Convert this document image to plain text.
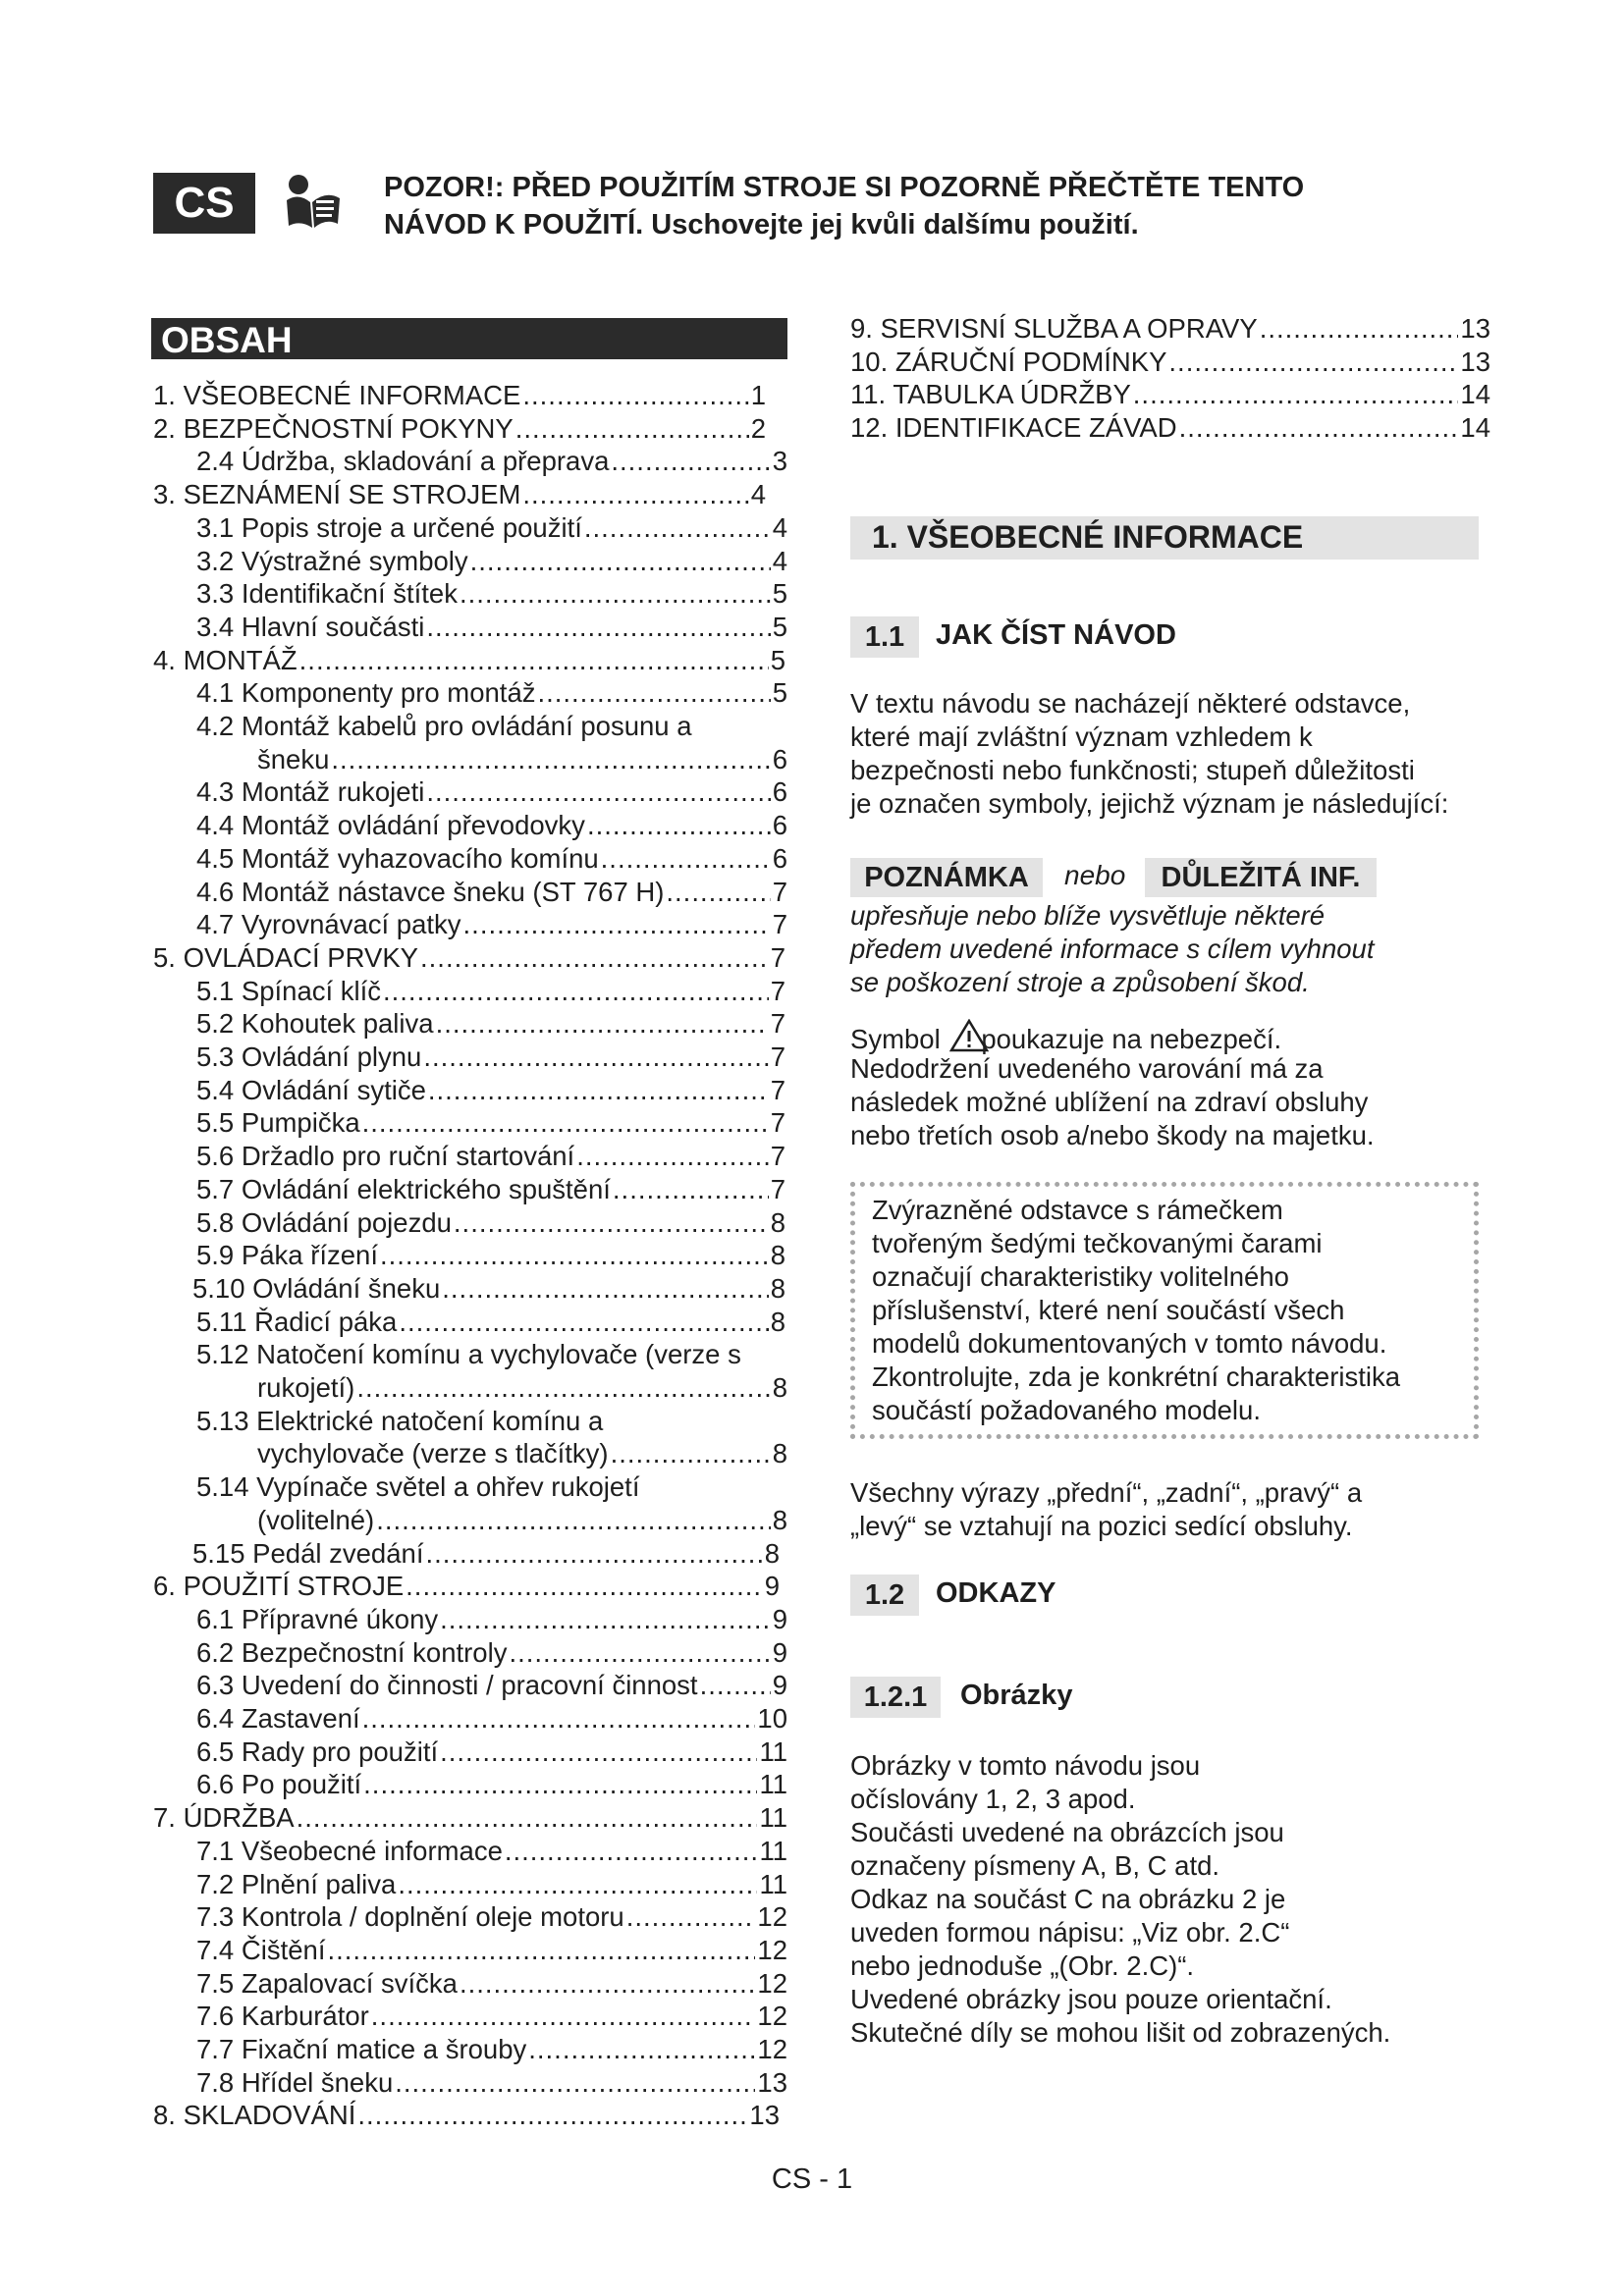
CS	POZOR!: PŘED POUŽITÍM STROJE SI POZORNĚ PŘEČTĚTE TENTO
NÁVOD K POUŽITÍ. Uschovejte jej kvůli dalšímu použití.
OBSAH
1. VŠEOBECNÉ INFORMACE .....	1
2. BEZPEČNOSTNÍ POKYNY .....	2
2.4 Údržba, skladování a přeprava .....	3
3. SEZNÁMENÍ SE STROJEM .....	4
3.1 Popis stroje a určené použití .....	4
3.2 Výstražné symboly .....	4
3.3 Identifikační štítek .....	5
3.4 Hlavní součásti .....	5
4. MONTÁŽ .....	5
4.1 Komponenty pro montáž .....	5
4.2 Montáž kabelů pro ovládání posunu a
šneku .....	6
4.3 Montáž rukojeti .....	6
4.4 Montáž ovládání převodovky .....	6
4.5 Montáž vyhazovacího komínu .....	6
4.6 Montáž nástavce šneku (ST 767 H) .....	7
4.7 Vyrovnávací patky .....	7
5. OVLÁDACÍ PRVKY .....	7
5.1 Spínací klíč .....	7
5.2 Kohoutek paliva .....	7
5.3 Ovládání plynu .....	7
5.4 Ovládání sytiče .....	7
5.5 Pumpička .....	7
5.6 Držadlo pro ruční startování .....	7
5.7 Ovládání elektrického spuštění .....	7
5.8 Ovládání pojezdu .....	8
5.9 Páka řízení .....	8
5.10 Ovládání šneku .....	8
5.11 Řadicí páka .....	8
5.12 Natočení komínu a vychylovače (verze s
rukojetí) .....	8
5.13 Elektrické natočení komínu a
vychylovače (verze s tlačítky) .....	8
5.14 Vypínače světel a ohřev rukojetí
(volitelné) .....	8
5.15 Pedál zvedání .....	8
6. POUŽITÍ STROJE .....	9
6.1 Přípravné úkony .....	9
6.2 Bezpečnostní kontroly .....	9
6.3 Uvedení do činnosti / pracovní činnost .....	9
6.4 Zastavení .....	10
6.5 Rady pro použití .....	11
6.6 Po použití .....	11
7. ÚDRŽBA .....	11
7.1 Všeobecné informace .....	11
7.2 Plnění paliva .....	11
7.3 Kontrola / doplnění oleje motoru .....	12
7.4 Čištění .....	12
7.5 Zapalovací svíčka .....	12
7.6 Karburátor .....	12
7.7 Fixační matice a šrouby .....	12
7.8 Hřídel šneku .....	13
8. SKLADOVÁNÍ .....	13
9. SERVISNÍ SLUŽBA A OPRAVY .....	13
10. ZÁRUČNÍ PODMÍNKY .....	13
11. TABULKA ÚDRŽBY .....	14
12. IDENTIFIKACE ZÁVAD .....	14
1. VŠEOBECNÉ INFORMACE
1.1	JAK ČÍST NÁVOD
V textu návodu se nacházejí některé odstavce,
které mají zvláštní význam vzhledem k
bezpečnosti nebo funkčnosti; stupeň důležitosti
je označen symboly, jejichž význam je následující:
POZNÁMKA	nebo	DŮLEŽITÁ INF.
upřesňuje nebo blíže vysvětluje některé
předem uvedené informace s cílem vyhnout
se poškození stroje a způsobení škod.
Symbol poukazuje na nebezpečí.
Nedodržení uvedeného varování má za
následek možné ublížení na zdraví obsluhy
nebo třetích osob a/nebo škody na majetku.
Zvýrazněné odstavce s rámečkem
tvořeným šedými tečkovanými čarami
označují charakteristiky volitelného
příslušenství, které není součástí všech
modelů dokumentovaných v tomto návodu.
Zkontrolujte, zda je konkrétní charakteristika
součástí požadovaného modelu.
Všechny výrazy „přední“, „zadní“, „pravý“ a
„levý“ se vztahují na pozici sedící obsluhy.
1.2	ODKAZY
1.2.1	Obrázky
Obrázky v tomto návodu jsou
očíslovány 1, 2, 3 apod.
Součásti uvedené na obrázcích jsou
označeny písmeny A, B, C atd.
Odkaz na součást C na obrázku 2 je
uveden formou nápisu: „Viz obr. 2.C“
nebo jednoduše „(Obr. 2.C)“.
Uvedené obrázky jsou pouze orientační.
Skutečné díly se mohou lišit od zobrazených.
CS - 1
